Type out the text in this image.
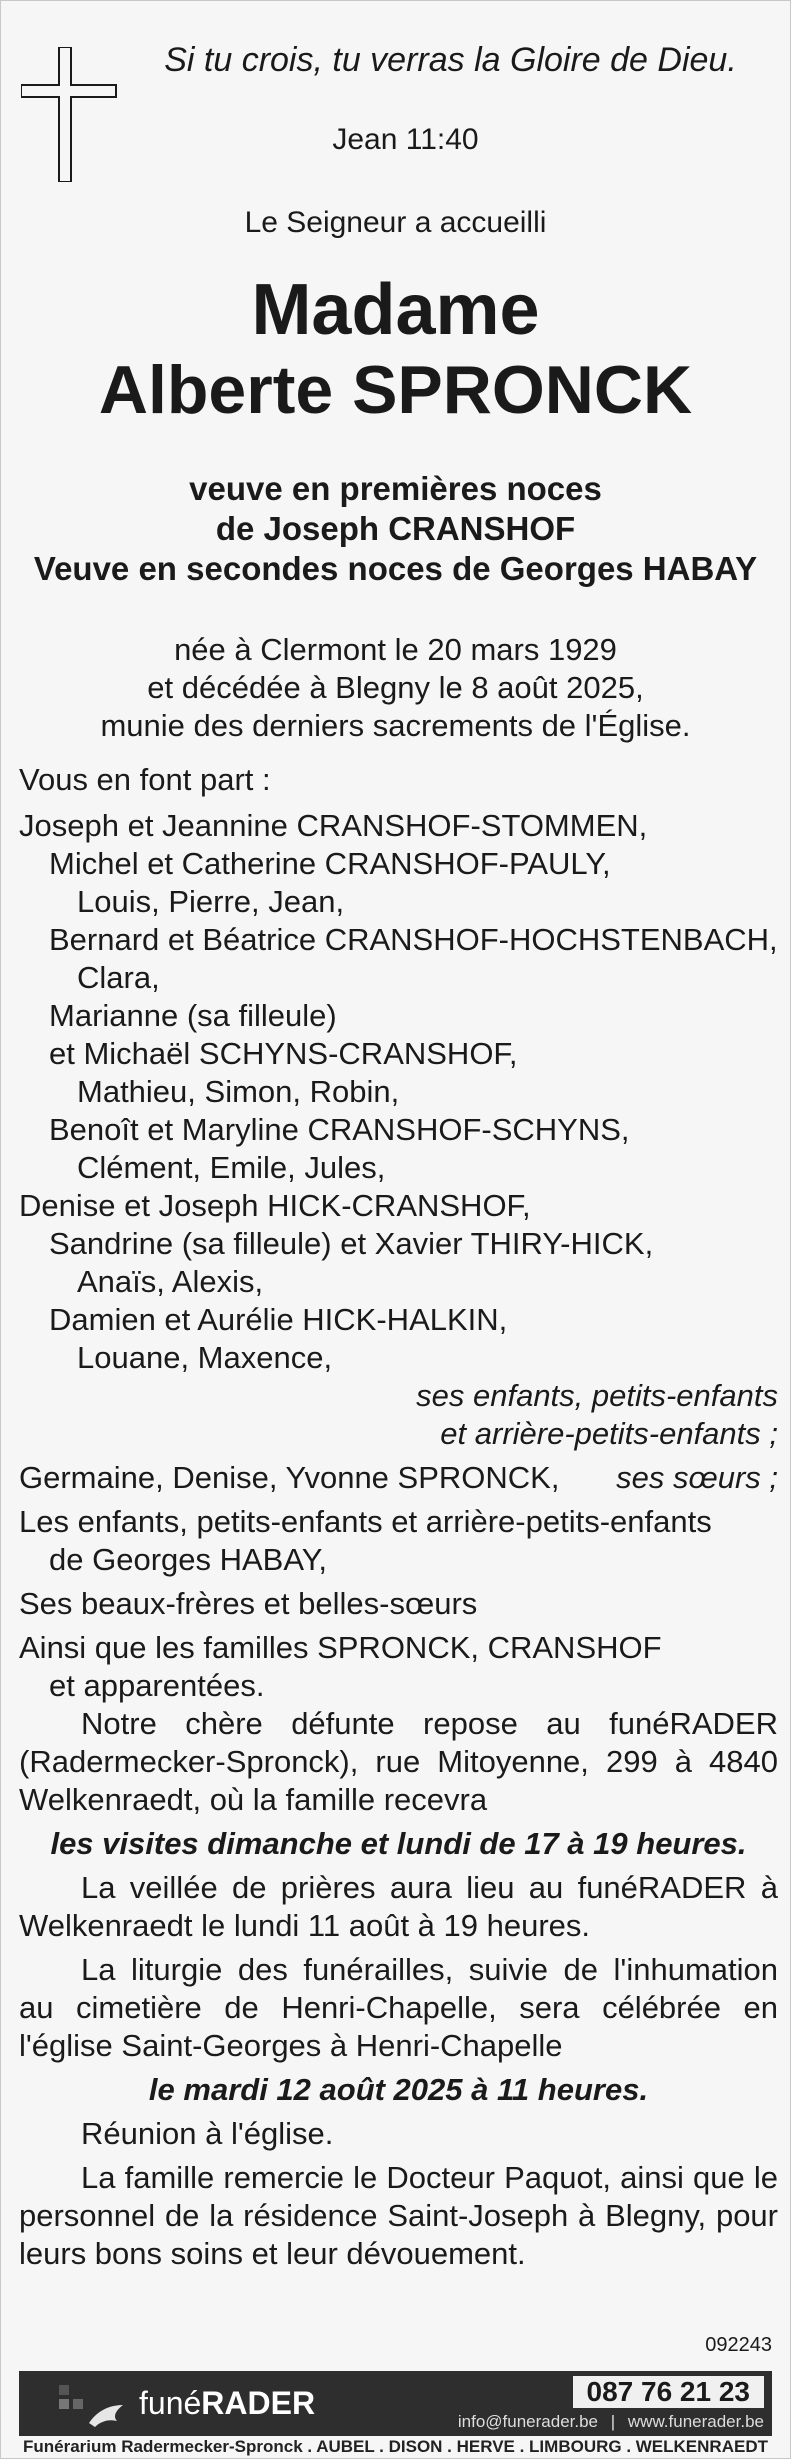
Si tu crois, tu verras la Gloire de Dieu.
Jean 11:40
Le Seigneur a accueilli
Madame
Alberte SPRONCK
veuve en premières noces
de Joseph CRANSHOF
Veuve en secondes noces de Georges HABAY
née à Clermont le 20 mars 1929
et décédée à Blegny le 8 août 2025,
munie des derniers sacrements de l'Église.

Vous en font part :

Joseph et Jeannine CRANSHOF-STOMMEN,

Michel et Catherine CRANSHOF-PAULY,

Louis, Pierre, Jean,

Bernard et Béatrice CRANSHOF-HOCHSTENBACH,

Clara,

Marianne (sa filleule)

et Michaël SCHYNS-CRANSHOF,

Mathieu, Simon, Robin,

Benoît et Maryline CRANSHOF-SCHYNS,

Clément, Emile, Jules,

Denise et Joseph HICK-CRANSHOF,

Sandrine (sa filleule) et Xavier THIRY-HICK,

Anaïs, Alexis,

Damien et Aurélie HICK-HALKIN,

Louane, Maxence,

ses enfants, petits-enfants

et arrière-petits-enfants ;

Germaine, Denise, Yvonne SPRONCK, ses sœurs ;

Les enfants, petits-enfants et arrière-petits-enfants

de Georges HABAY,

Ses beaux-frères et belles-sœurs

Ainsi que les familles SPRONCK, CRANSHOF

et apparentées.

Notre chère défunte repose au funéRADER (Radermecker-Spronck), rue Mitoyenne, 299 à 4840 Welkenraedt, où la famille recevra

les visites dimanche et lundi de 17 à 19 heures.

La veillée de prières aura lieu au funéRADER à Welkenraedt le lundi 11 août à 19 heures.

La liturgie des funérailles, suivie de l'inhumation au cimetière de Henri-Chapelle, sera célébrée en l'église Saint-Georges à Henri-Chapelle

le mardi 12 août 2025 à 11 heures.

Réunion à l'église.

La famille remercie le Docteur Paquot, ainsi que le personnel de la résidence Saint-Joseph à Blegny, pour leurs bons soins et leur dévouement.

092243
funéRADER	087 76 21 23
info@funerader.be | www.funerader.be
Funérarium Radermecker-Spronck . AUBEL . DISON . HERVE . LIMBOURG . WELKENRAEDT
